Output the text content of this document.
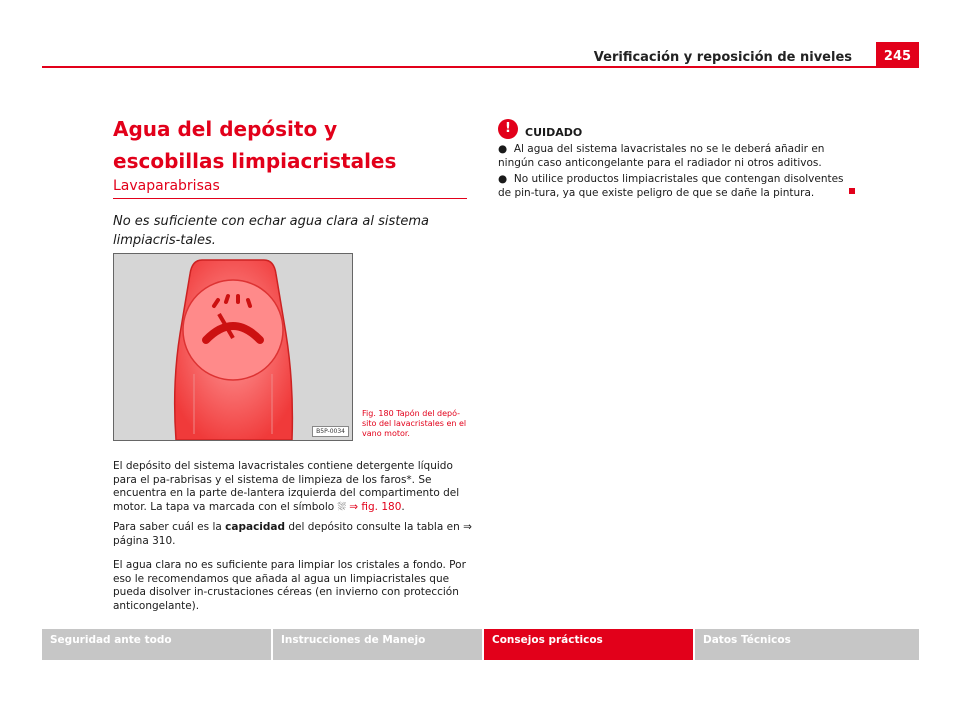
Verificación y reposición de niveles	245
Agua del depósito y escobillas limpiacristales
Lavaparabrisas
No es suficiente con echar agua clara al sistema limpiacris-tales.
B5P-0034
Fig. 180 Tapón del depó-sito del lavacristales en el vano motor.

El depósito del sistema lavacristales contiene detergente líquido para el pa-rabrisas y el sistema de limpieza de los faros*. Se encuentra en la parte de-lantera izquierda del compartimento del motor. La tapa va marcada con el símbolo ⛆ ⇒ fig. 180.

Para saber cuál es la capacidad del depósito consulte la tabla en ⇒ página 310.

El agua clara no es suficiente para limpiar los cristales a fondo. Por eso le recomendamos que añada al agua un limpiacristales que pueda disolver in-crustaciones céreas (en invierno con protección anticongelante).

!	CUIDADO

●  Al agua del sistema lavacristales no se le deberá añadir en ningún caso anticongelante para el radiador ni otros aditivos.

●  No utilice productos limpiacristales que contengan disolventes de pin-tura, ya que existe peligro de que se dañe la pintura.

Seguridad ante todo	Instrucciones de Manejo	Consejos prácticos	Datos Técnicos
